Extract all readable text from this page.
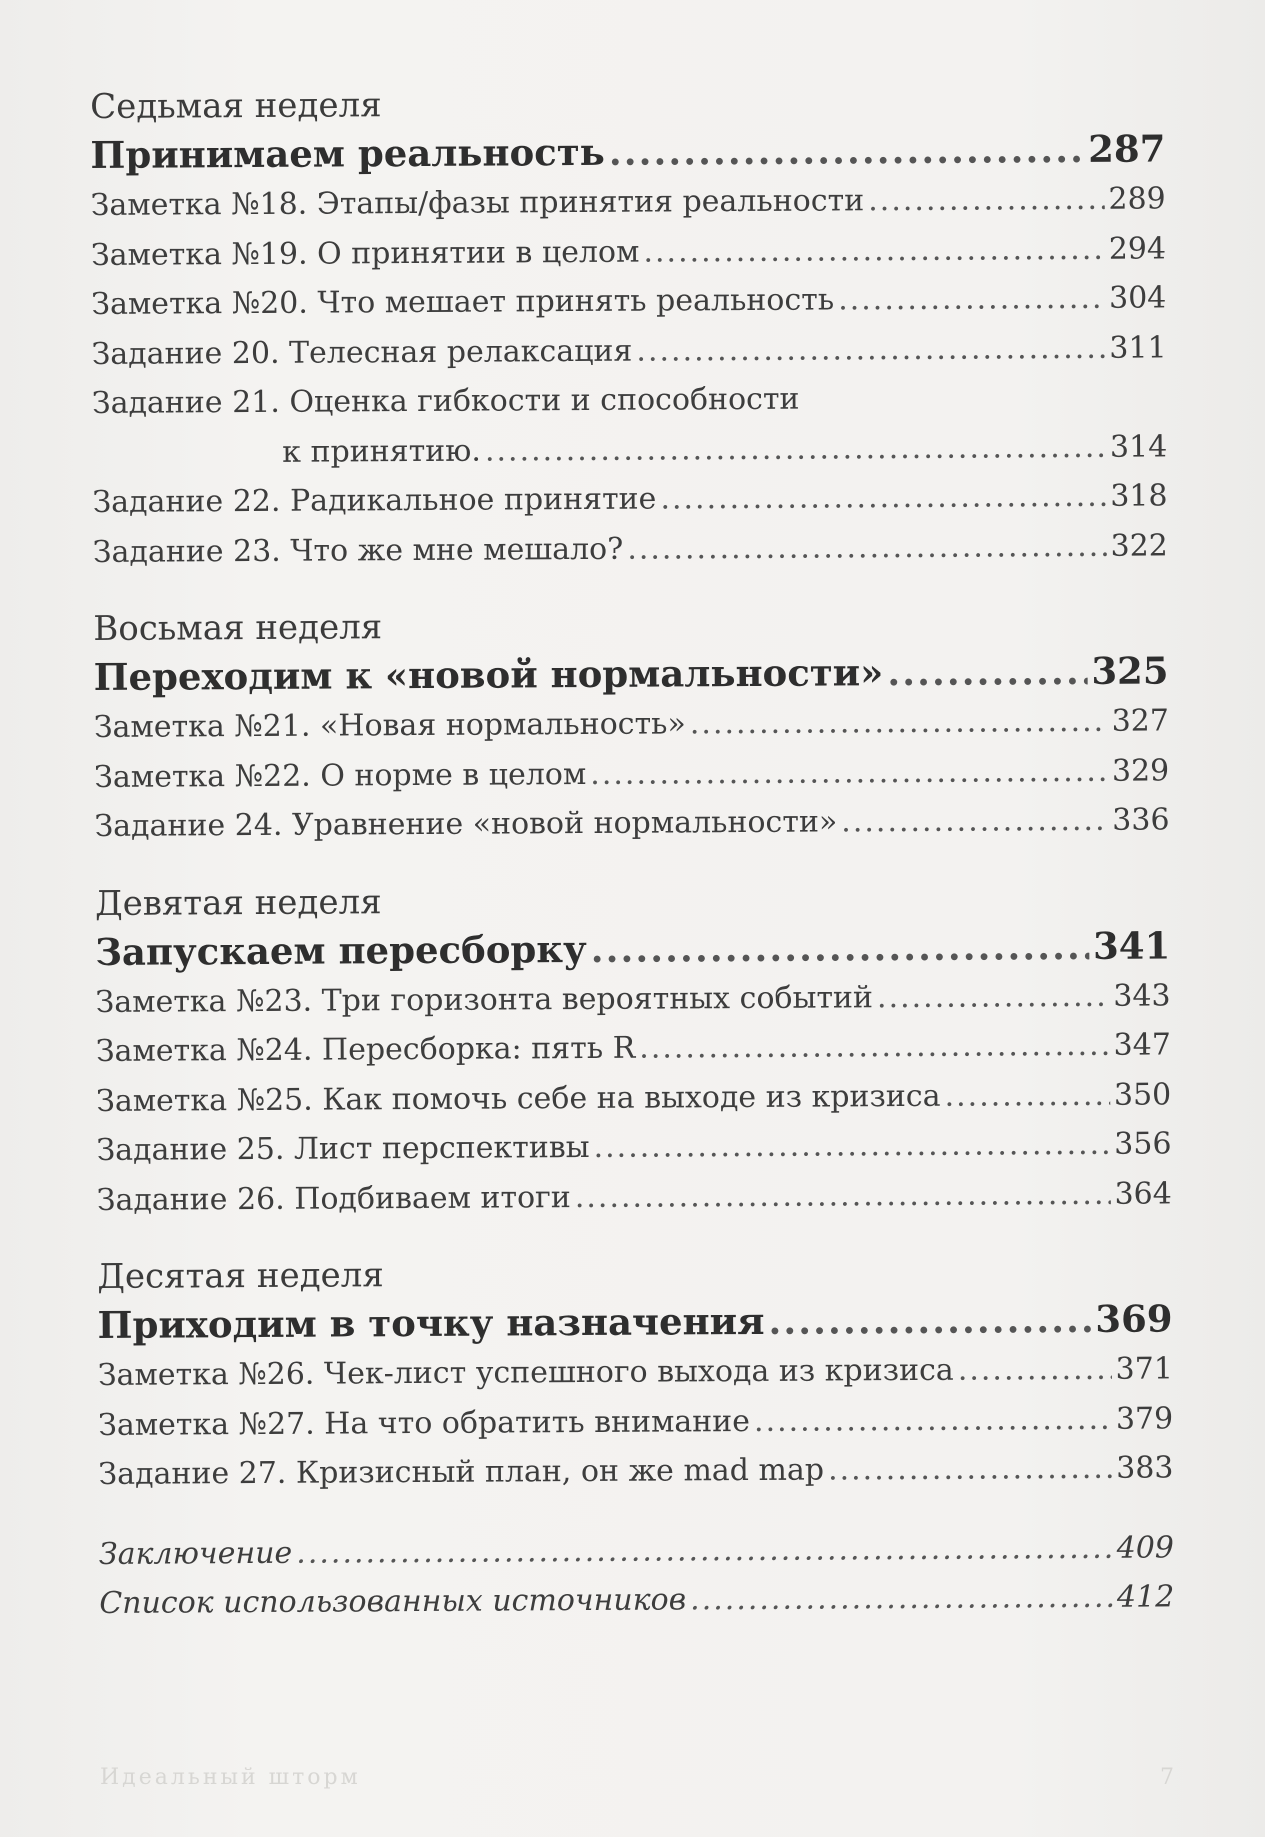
Седьмая неделя
Принимаем реальность .....	287
Заметка №18. Этапы/фазы принятия реальности .....	289
Заметка №19. О принятии в целом .....	294
Заметка №20. Что мешает принять реальность .....	304
Задание 20. Телесная релаксация .....	311
Задание 21. Оценка гибкости и способности
к принятию. .....	314
Задание 22. Радикальное принятие .....	318
Задание 23. Что же мне мешало? .....	322
Восьмая неделя
Переходим к «новой нормальности» .....	325
Заметка №21. «Новая нормальность» .....	327
Заметка №22. О норме в целом .....	329
Задание 24. Уравнение «новой нормальности» .....	336
Девятая неделя
Запускаем пересборку .....	341
Заметка №23. Три горизонта вероятных событий .....	343
Заметка №24. Пересборка: пять R .....	347
Заметка №25. Как помочь себе на выходе из кризиса .....	350
Задание 25. Лист перспективы .....	356
Задание 26. Подбиваем итоги .....	364
Десятая неделя
Приходим в точку назначения .....	369
Заметка №26. Чек-лист успешного выхода из кризиса .....	371
Заметка №27. На что обратить внимание .....	379
Задание 27. Кризисный план, он же mad map .....	383
Заключение .....	409
Список использованных источников .....	412
Идеальный шторм	7
